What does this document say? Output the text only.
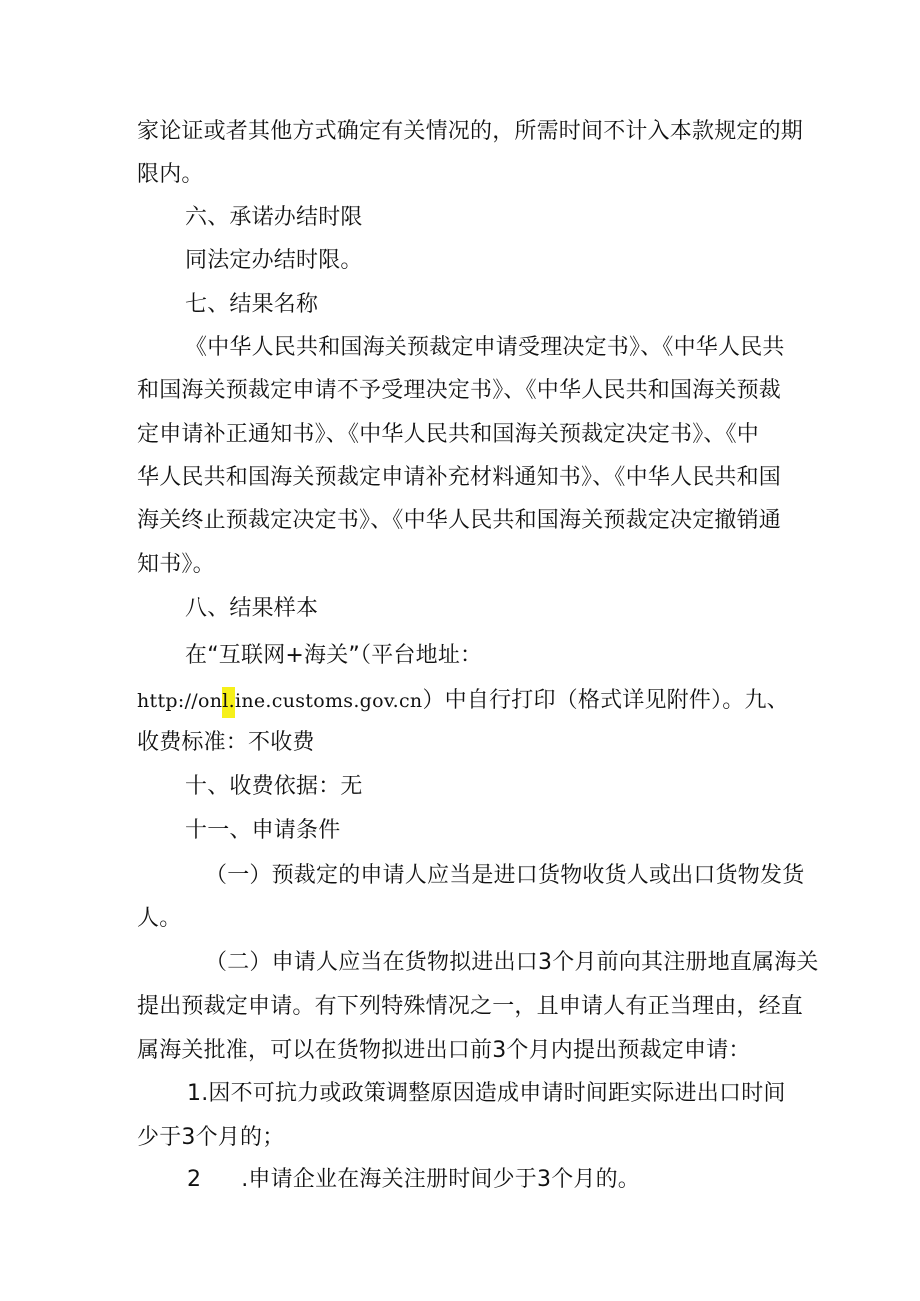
家论证或者其他方式确定有关情况的，所需时间不计入本款规定的期
限内。
六、承诺办结时限
同法定办结时限。
七、结果名称
《中华人民共和国海关预裁定申请受理决定书》、《中华人民共
和国海关预裁定申请不予受理决定书》、《中华人民共和国海关预裁
定申请补正通知书》、《中华人民共和国海关预裁定决定书》、《中
华人民共和国海关预裁定申请补充材料通知书》、《中华人民共和国
海关终止预裁定决定书》、《中华人民共和国海关预裁定决定撤销通
知书》。
八、结果样本
在“互联网+海关”（平台地址：
http://onl.ine.customs.gov.cn）中自行打印（格式详见附件）。九、
收费标准：不收费
十、收费依据：无
十一、申请条件
（一）预裁定的申请人应当是进口货物收货人或出口货物发货
人。
（二）申请人应当在货物拟进出口3个月前向其注册地直属海关
提出预裁定申请。有下列特殊情况之一，且申请人有正当理由，经直
属海关批准，可以在货物拟进出口前3个月内提出预裁定申请：
1.因不可抗力或政策调整原因造成申请时间距实际进出口时间
少于3个月的；
2 .申请企业在海关注册时间少于3个月的。
